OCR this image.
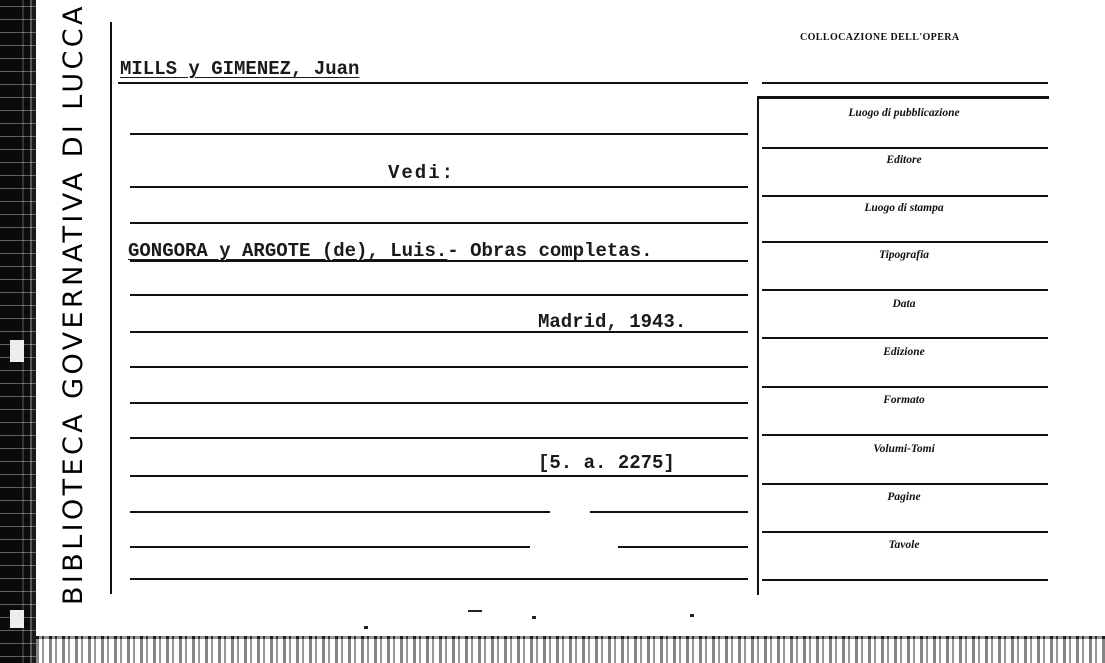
BIBLIOTECA GOVERNATIVA DI LUCCA MILLS y GIMENEZ, Juan
Vedi:
GONGORA y ARGOTE (de), Luis.- Obras completas.
Madrid, 1943.
[5. a. 2275]
COLLOCAZIONE DELL'OPERA
Luogo di pubblicazione
Editore
Luogo di stampa
Tipografia
Data
Edizione
Formato
Volumi-Tomi
Pagine
Tavole
